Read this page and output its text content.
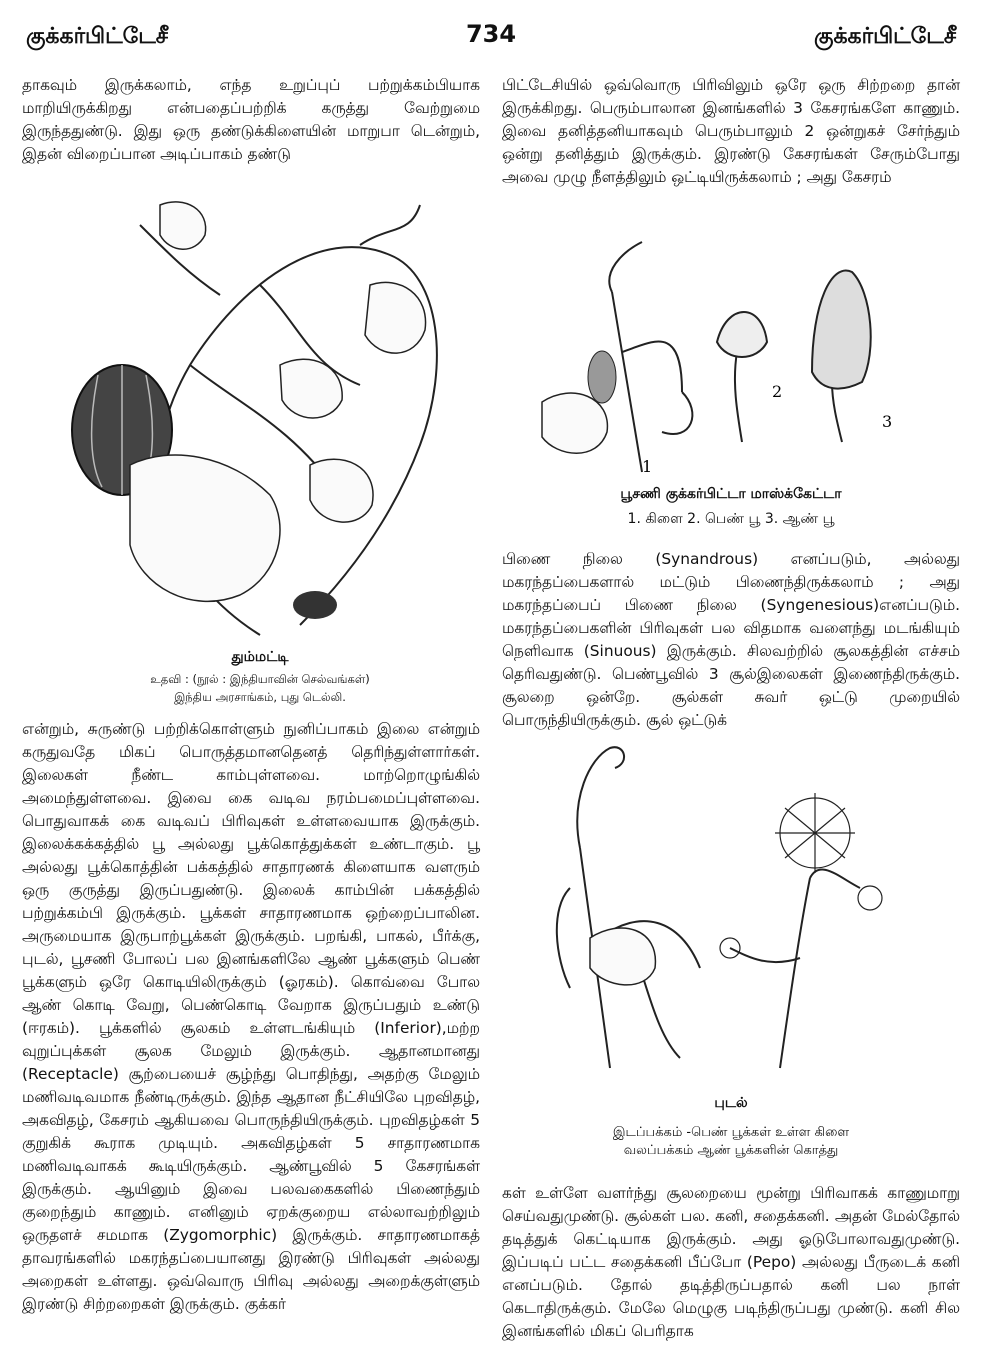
குக்கர்பிட்டேசீ	734	குக்கர்பிட்டேசீ

தாகவும் இருக்கலாம், எந்த உறுப்புப் பற்றுக்கம்பியாக மாறியிருக்கிறது என்பதைப்பற்றிக் கருத்து வேற்றுமை இருந்ததுண்டு. இது ஒரு தண்டுக்கிளையின் மாறுபா டென்றும், இதன் விறைப்பான அடிப்பாகம் தண்டு

தும்மட்டி

உதவி : (நூல் : இந்தியாவின் செல்வங்கள்)

இந்திய அரசாங்கம், புது டெல்லி.

என்றும், சுருண்டு பற்றிக்கொள்ளும் நுனிப்பாகம் இலை என்றும் கருதுவதே மிகப் பொருத்தமானதெனத் தெரிந்துள்ளார்கள். இலைகள் நீண்ட காம்புள்ளவை. மாற்றொழுங்கில் அமைந்துள்ளவை. இவை கை வடிவ நரம்பமைப்புள்ளவை. பொதுவாகக் கை வடிவப் பிரிவுகள் உள்ளவையாக இருக்கும். இலைக்கக்கத்தில் பூ அல்லது பூக்கொத்துக்கள் உண்டாகும். பூ அல்லது பூக்கொத்தின் பக்கத்தில் சாதாரணக் கிளையாக வளரும் ஒரு குருத்து இருப்பதுண்டு. இலைக் காம்பின் பக்கத்தில் பற்றுக்கம்பி இருக்கும். பூக்கள் சாதாரணமாக ஒற்றைப்பாலின. அருமையாக இருபாற்பூக்கள் இருக்கும். பறங்கி, பாகல், பீர்க்கு, புடல், பூசணி போலப் பல இனங்களிலே ஆண் பூக்களும் பெண் பூக்களும் ஒரே கொடியிலிருக்கும் (ஓரகம்). கொவ்வை போல ஆண் கொடி வேறு, பெண்கொடி வேறாக இருப்பதும் உண்டு (ஈரகம்). பூக்களில் சூலகம் உள்ளடங்கியும் (Inferior),மற்ற வுறுப்புக்கள் சூலக மேலும் இருக்கும். ஆதானமானது (Receptacle) சூற்பையைச் சூழ்ந்து பொதிந்து, அதற்கு மேலும் மணிவடிவமாக நீண்டிருக்கும். இந்த ஆதான நீட்சியிலே புறவிதழ், அகவிதழ், கேசரம் ஆகியவை பொருந்தியிருக்கும். புறவிதழ்கள் 5 குறுகிக் கூராக முடியும். அகவிதழ்கள் 5 சாதாரணமாக மணிவடிவாகக் கூடியிருக்கும். ஆண்பூவில் 5 கேசரங்கள் இருக்கும். ஆயினும் இவை பலவகைகளில் பிணைந்தும் குறைந்தும் காணும். எனினும் ஏறக்குறைய எல்லாவற்றிலும் ஒருதளச் சமமாக (Zygomorphic) இருக்கும். சாதாரணமாகத் தாவரங்களில் மகரந்தப்பையானது இரண்டு பிரிவுகள் அல்லது அறைகள் உள்ளது. ஒவ்வொரு பிரிவு அல்லது அறைக்குள்ளும் இரண்டு சிற்றறைகள் இருக்கும். குக்கர்

பிட்டேசியில் ஒவ்வொரு பிரிவிலும் ஒரே ஒரு சிற்றறை தான் இருக்கிறது. பெரும்பாலான இனங்களில் 3 கேசரங்களே காணும். இவை தனித்தனியாகவும் பெரும்பாலும் 2 ஒன்றுகச் சேர்ந்தும் ஒன்று தனித்தும் இருக்கும். இரண்டு கேசரங்கள் சேரும்போது அவை முழு நீளத்திலும் ஒட்டியிருக்கலாம் ; அது கேசரம்

1
2
3

பூசணி குக்கர்பிட்டா மாஸ்க்கேட்டா

1. கிளை 2. பெண் பூ 3. ஆண் பூ

பிணை நிலை (Synandrous) எனப்படும், அல்லது மகரந்தப்பைகளால் மட்டும் பிணைந்திருக்கலாம் ; அது மகரந்தப்பைப் பிணை நிலை (Syngenesious)எனப்படும். மகரந்தப்பைகளின் பிரிவுகள் பல விதமாக வளைந்து மடங்கியும் நெளிவாக (Sinuous) இருக்கும். சிலவற்றில் சூலகத்தின் எச்சம் தெரிவதுண்டு. பெண்பூவில் 3 சூல்இலைகள் இணைந்திருக்கும். சூலறை ஒன்றே. சூல்கள் சுவர் ஒட்டு முறையில் பொருந்தியிருக்கும். சூல் ஒட்டுக்

புடல்

இடப்பக்கம் -பெண் பூக்கள் உள்ள கிளை

வலப்பக்கம் ஆண் பூக்களின் கொத்து

கள் உள்ளே வளர்ந்து சூலறையை மூன்று பிரிவாகக் காணுமாறு செய்வதுமுண்டு. சூல்கள் பல. கனி, சதைக்கனி. அதன் மேல்தோல் தடித்துக் கெட்டியாக இருக்கும். அது ஓடுபோலாவதுமுண்டு. இப்படிப் பட்ட சதைக்கனி பீப்போ (Pepo) அல்லது பீருடைக் கனி எனப்படும். தோல் தடித்திருப்பதால் கனி பல நாள் கெடாதிருக்கும். மேலே மெழுகு படிந்திருப்பது முண்டு. கனி சில இனங்களில் மிகப் பெரிதாக
